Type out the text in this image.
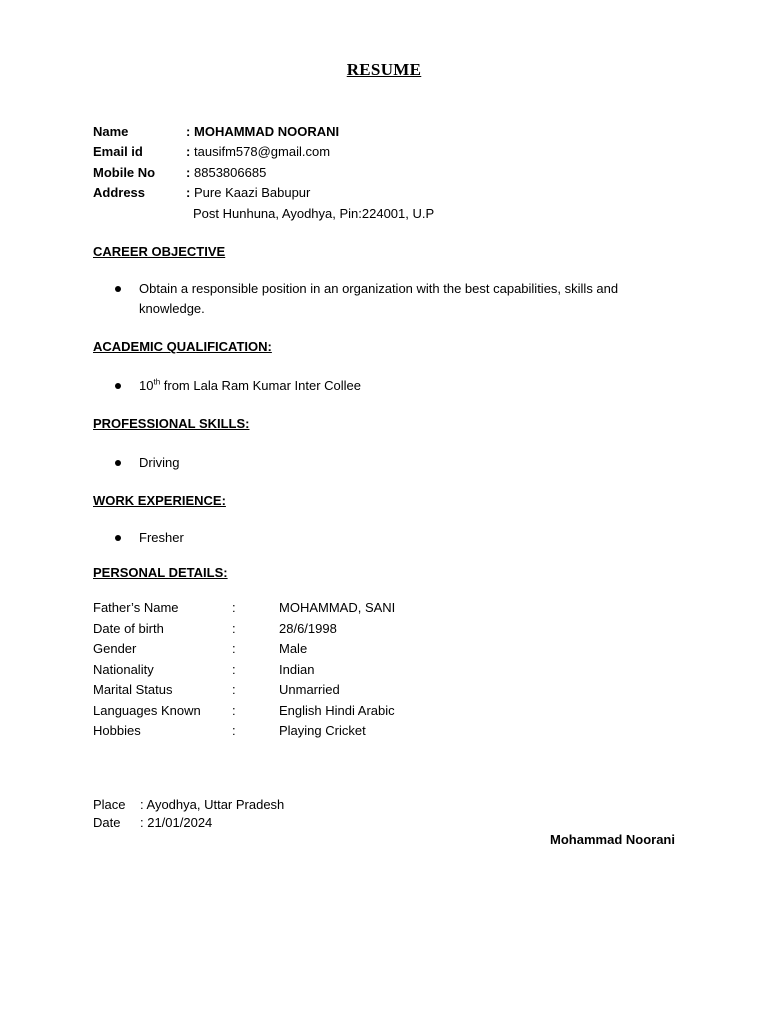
RESUME
Name	: MOHAMMAD NOORANI
Email id	: tausifm578@gmail.com
Mobile No : 8853806685
Address	: Pure Kaazi Babupur
Post Hunhuna, Ayodhya, Pin:224001, U.P
CAREER OBJECTIVE
Obtain a responsible position in an organization with the best capabilities, skills and knowledge.
ACADEMIC QUALIFICATION:
10th from Lala Ram Kumar Inter Collee
PROFESSIONAL SKILLS:
Driving
WORK EXPERIENCE:
Fresher
PERSONAL DETAILS:
Father’s Name	:	MOHAMMAD, SANI
Date of birth	:	28/6/1998
Gender	:	Male
Nationality	:	Indian
Marital Status	:	Unmarried
Languages Known :	English Hindi Arabic
Hobbies	:	Playing Cricket
Place : Ayodhya, Uttar Pradesh
Date : 21/01/2024
Mohammad Noorani
